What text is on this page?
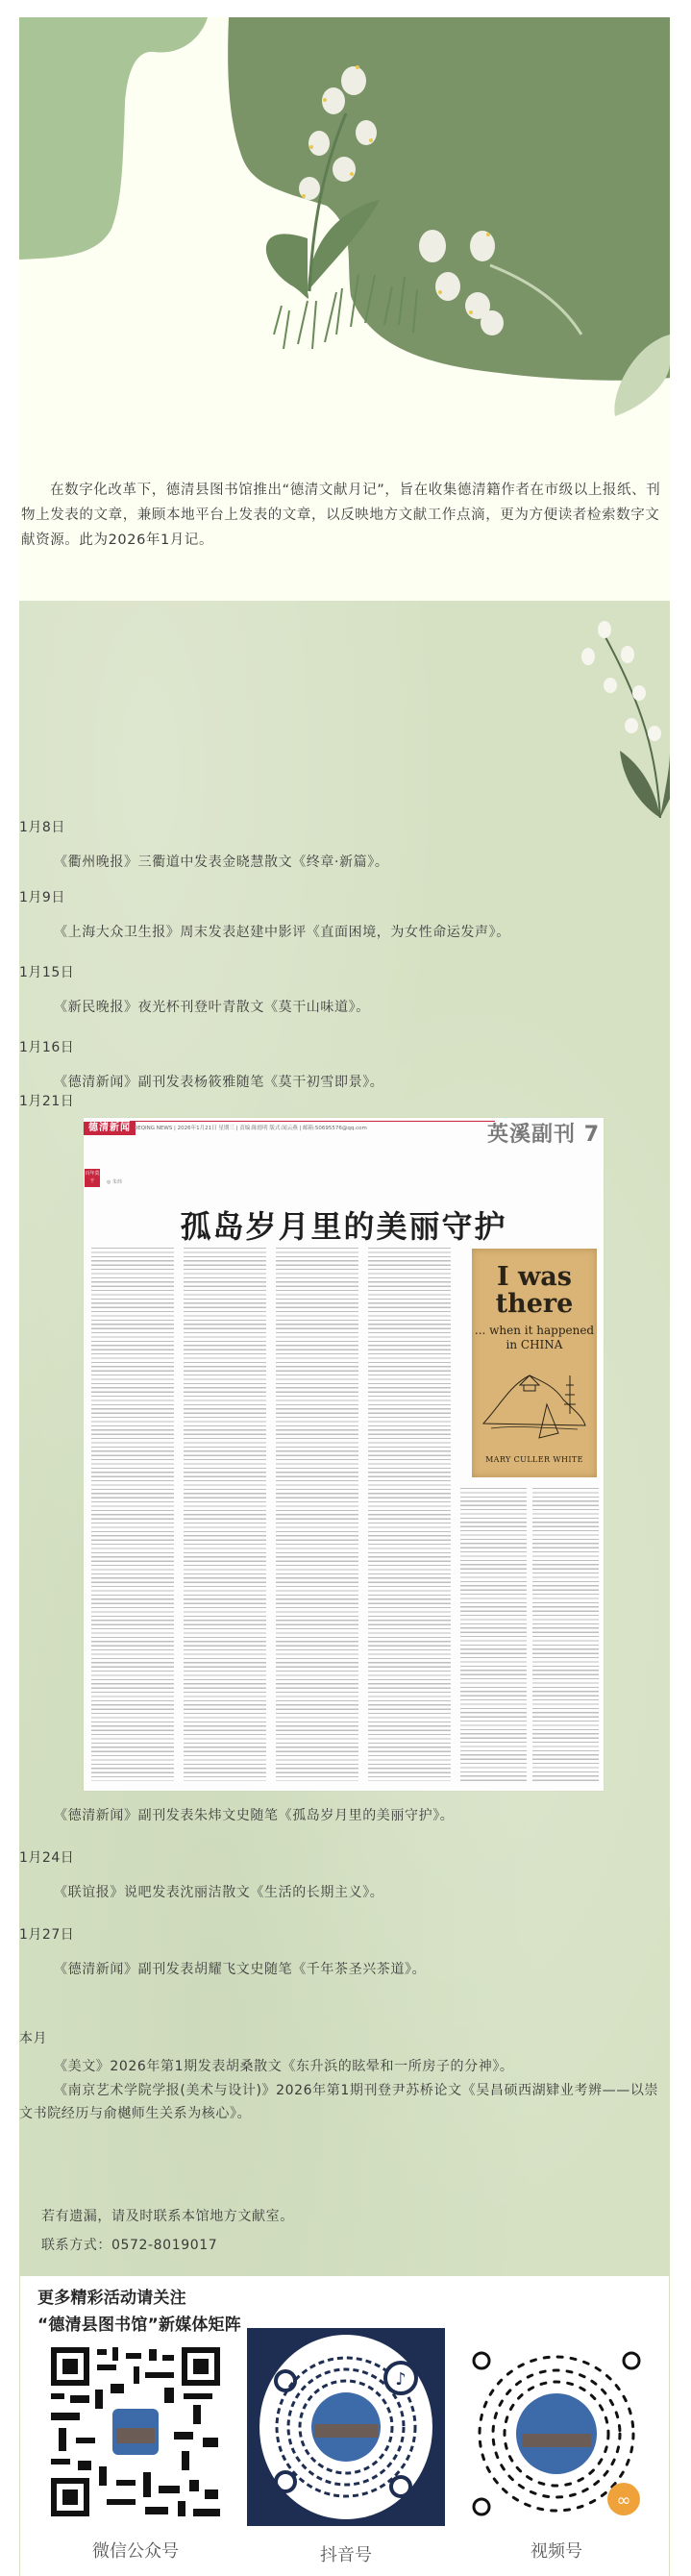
在数字化改革下，德清县图书馆推出“德清文献月记”，旨在收集德清籍作者在市级以上报纸、刊物上发表的文章，兼顾本地平台上发表的文章，以反映地方文献工作点滴，更为方便读者检索数字文献资源。此为2026年1月记。

1月8日
《衢州晚报》三衢道中发表金晓慧散文《终章·新篇》。
1月9日
《上海大众卫生报》周末发表赵建中影评《直面困境，为女性命运发声》。
1月15日
《新民晚报》夜光杯刊登叶青散文《莫干山味道》。
1月16日
《德清新闻》副刊发表杨筱雅随笔《莫干初雪即景》。
1月21日
德清新闻 DEQING NEWS | 2026年1月21日 星期三 | 责编:陈德明 版式:闻云燕 | 邮箱:50695576@qq.com	英溪副刊 7
百年莫干	◎ 朱炜
孤岛岁月里的美丽守护
I was
there
... when it happened
in CHINA
MARY CULLER WHITE
《德清新闻》副刊发表朱炜文史随笔《孤岛岁月里的美丽守护》。
1月24日
《联谊报》说吧发表沈丽洁散文《生活的长期主义》。
1月27日
《德清新闻》副刊发表胡耀飞文史随笔《千年茶圣兴茶道》。
本月

《美文》2026年第1期发表胡桑散文《东升浜的眩晕和一所房子的分神》。

《南京艺术学院学报(美术与设计)》2026年第1期刊登尹苏桥论文《吴昌硕西湖肄业考辨——以崇文书院经历与俞樾师生关系为核心》。

若有遗漏，请及时联系本馆地方文献室。
联系方式：0572-8019017
更多精彩活动请关注
“德清县图书馆”新媒体矩阵
♪
∞
微信公众号	抖音号	视频号
